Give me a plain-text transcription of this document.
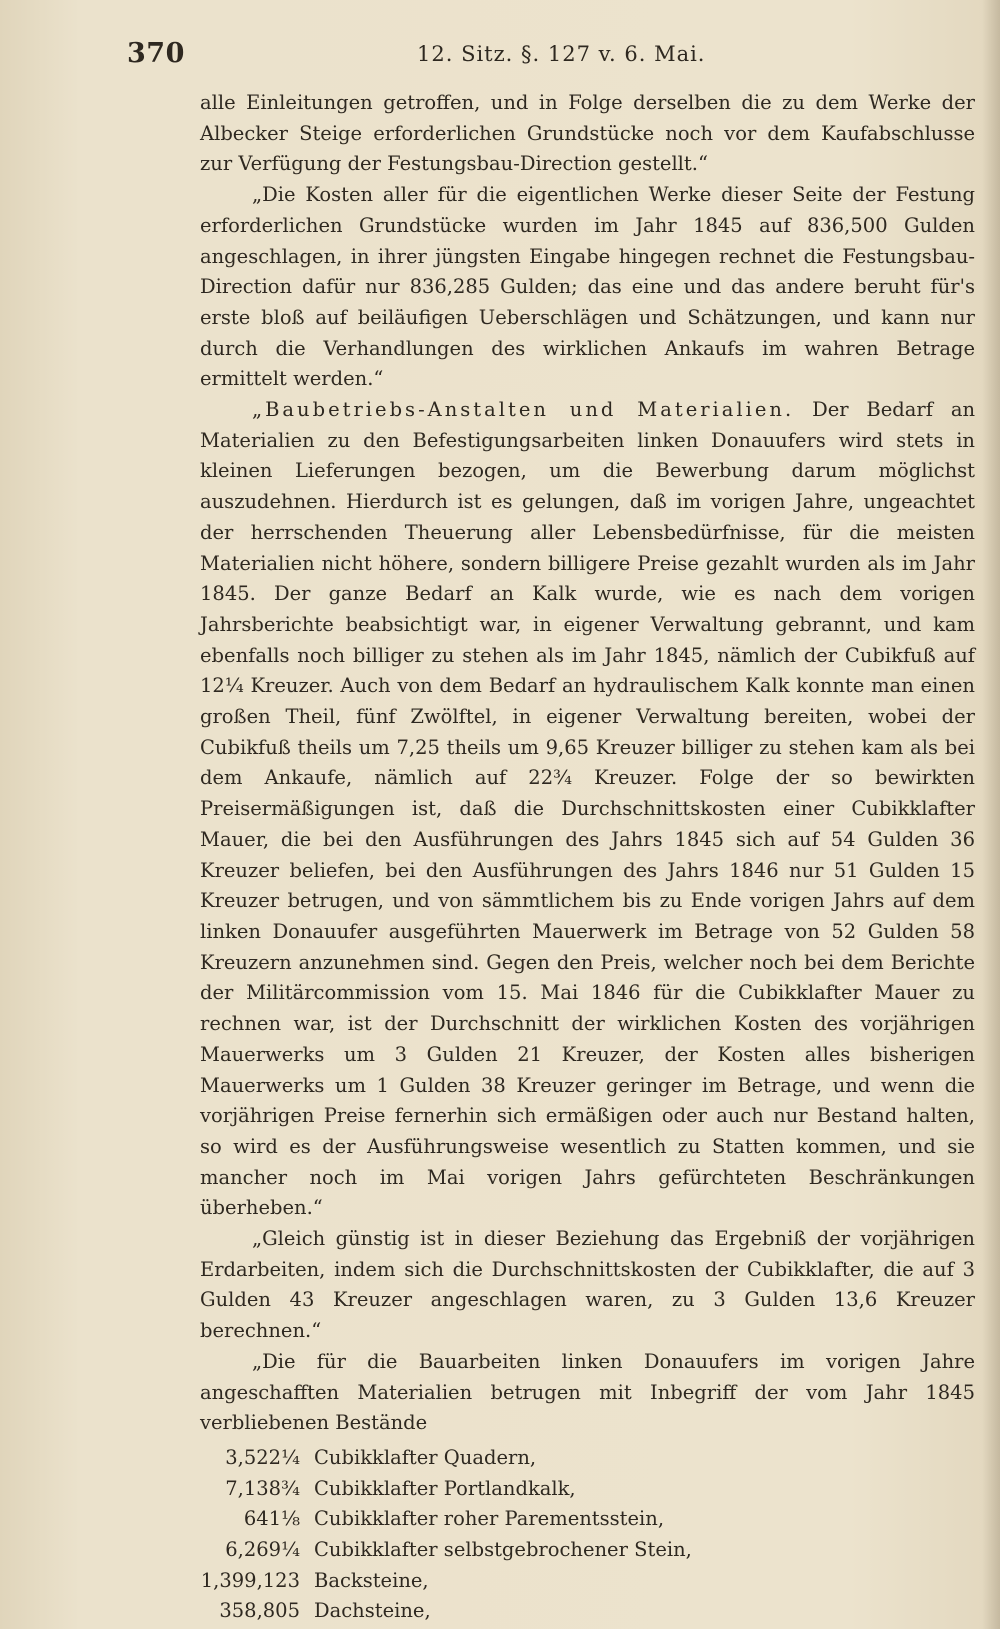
370	12. Sitz. §. 127 v. 6. Mai.

alle Einleitungen getroffen, und in Folge derselben die zu dem Werke der Albecker Steige erforderlichen Grundstücke noch vor dem Kaufabschlusse zur Verfügung der Festungsbau-Direction gestellt.“

„Die Kosten aller für die eigentlichen Werke dieser Seite der Festung erforderlichen Grundstücke wurden im Jahr 1845 auf 836,500 Gulden angeschlagen, in ihrer jüngsten Eingabe hingegen rechnet die Festungsbau-Direction dafür nur 836,285 Gulden; das eine und das andere beruht für's erste bloß auf beiläufigen Ueberschlägen und Schätzungen, und kann nur durch die Verhandlungen des wirklichen Ankaufs im wahren Betrage ermittelt werden.“

„Baubetriebs-Anstalten und Materialien. Der Bedarf an Materialien zu den Befestigungsarbeiten linken Donauufers wird stets in kleinen Lieferungen bezogen, um die Bewerbung darum möglichst auszudehnen. Hierdurch ist es gelungen, daß im vorigen Jahre, ungeachtet der herrschenden Theuerung aller Lebensbedürfnisse, für die meisten Materialien nicht höhere, sondern billigere Preise gezahlt wurden als im Jahr 1845. Der ganze Bedarf an Kalk wurde, wie es nach dem vorigen Jahrsberichte beabsichtigt war, in eigener Verwaltung gebrannt, und kam ebenfalls noch billiger zu stehen als im Jahr 1845, nämlich der Cubikfuß auf 12¼ Kreuzer. Auch von dem Bedarf an hydraulischem Kalk konnte man einen großen Theil, fünf Zwölftel, in eigener Verwaltung bereiten, wobei der Cubikfuß theils um 7,25 theils um 9,65 Kreuzer billiger zu stehen kam als bei dem Ankaufe, nämlich auf 22¾ Kreuzer. Folge der so bewirkten Preisermäßigungen ist, daß die Durchschnittskosten einer Cubikklafter Mauer, die bei den Ausführungen des Jahrs 1845 sich auf 54 Gulden 36 Kreuzer beliefen, bei den Ausführungen des Jahrs 1846 nur 51 Gulden 15 Kreuzer betrugen, und von sämmtlichem bis zu Ende vorigen Jahrs auf dem linken Donauufer ausgeführten Mauerwerk im Betrage von 52 Gulden 58 Kreuzern anzunehmen sind. Gegen den Preis, welcher noch bei dem Berichte der Militärcommission vom 15. Mai 1846 für die Cubikklafter Mauer zu rechnen war, ist der Durchschnitt der wirklichen Kosten des vorjährigen Mauerwerks um 3 Gulden 21 Kreuzer, der Kosten alles bisherigen Mauerwerks um 1 Gulden 38 Kreuzer geringer im Betrage, und wenn die vorjährigen Preise fernerhin sich ermäßigen oder auch nur Bestand halten, so wird es der Ausführungsweise wesentlich zu Statten kommen, und sie mancher noch im Mai vorigen Jahrs gefürchteten Beschränkungen überheben.“

„Gleich günstig ist in dieser Beziehung das Ergebniß der vorjährigen Erdarbeiten, indem sich die Durchschnittskosten der Cubikklafter, die auf 3 Gulden 43 Kreuzer angeschlagen waren, zu 3 Gulden 13,6 Kreuzer berechnen.“

„Die für die Bauarbeiten linken Donauufers im vorigen Jahre angeschafften Materialien betrugen mit Inbegriff der vom Jahr 1845 verbliebenen Bestände

3,522¼ Cubikklafter Quadern,
7,138¾ Cubikklafter Portlandkalk,
641⅛ Cubikklafter roher Parementsstein,
6,269¼ Cubikklafter selbstgebrochener Stein,
1,399,123 Backsteine,
358,805 Dachsteine,
